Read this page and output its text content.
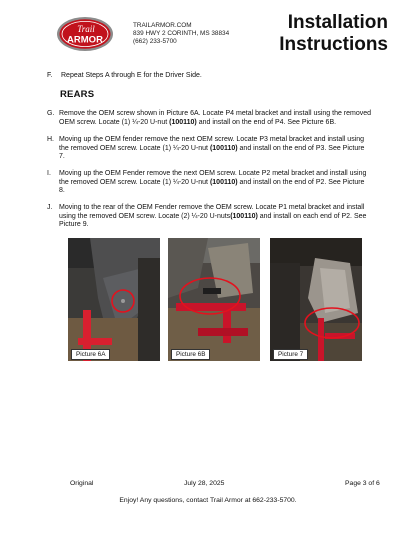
Trail
ARMOR
TRAILARMOR.COM
839 HWY 2 CORINTH, MS 38834
(662) 233-5700
Installation
Instructions
F. Repeat Steps A through E for the Driver Side.
REARS
G. Remove the OEM screw shown in Picture 6A. Locate P4 metal bracket and install using the removed
OEM screw. Locate (1) ¼-20 U-nut (100110) and install on the end of P4. See Picture 6B.
H. Moving up the OEM fender remove the next OEM screw. Locate P3 metal bracket and install using
the removed OEM screw. Locate (1) ¼-20 U-nut (100110) and install on the end of P3. See Picture
7.
I. Moving up the OEM Fender remove the next OEM screw. Locate P2 metal bracket and install using
the removed OEM screw. Locate (1) ¼-20 U-nut (100110) and install on the end of P2. See Picture
8.
J. Moving to the rear of the OEM Fender remove the OEM screw. Locate P1 metal bracket and install
using the removed OEM screw. Locate (2) ¼-20 U-nuts(100110) and install on each end of P2. See
Picture 9.
Picture 6A	Picture 6B	Picture 7
Original	July 28, 2025	Page 3 of 6
Enjoy! Any questions, contact Trail Armor at 662-233-5700.
